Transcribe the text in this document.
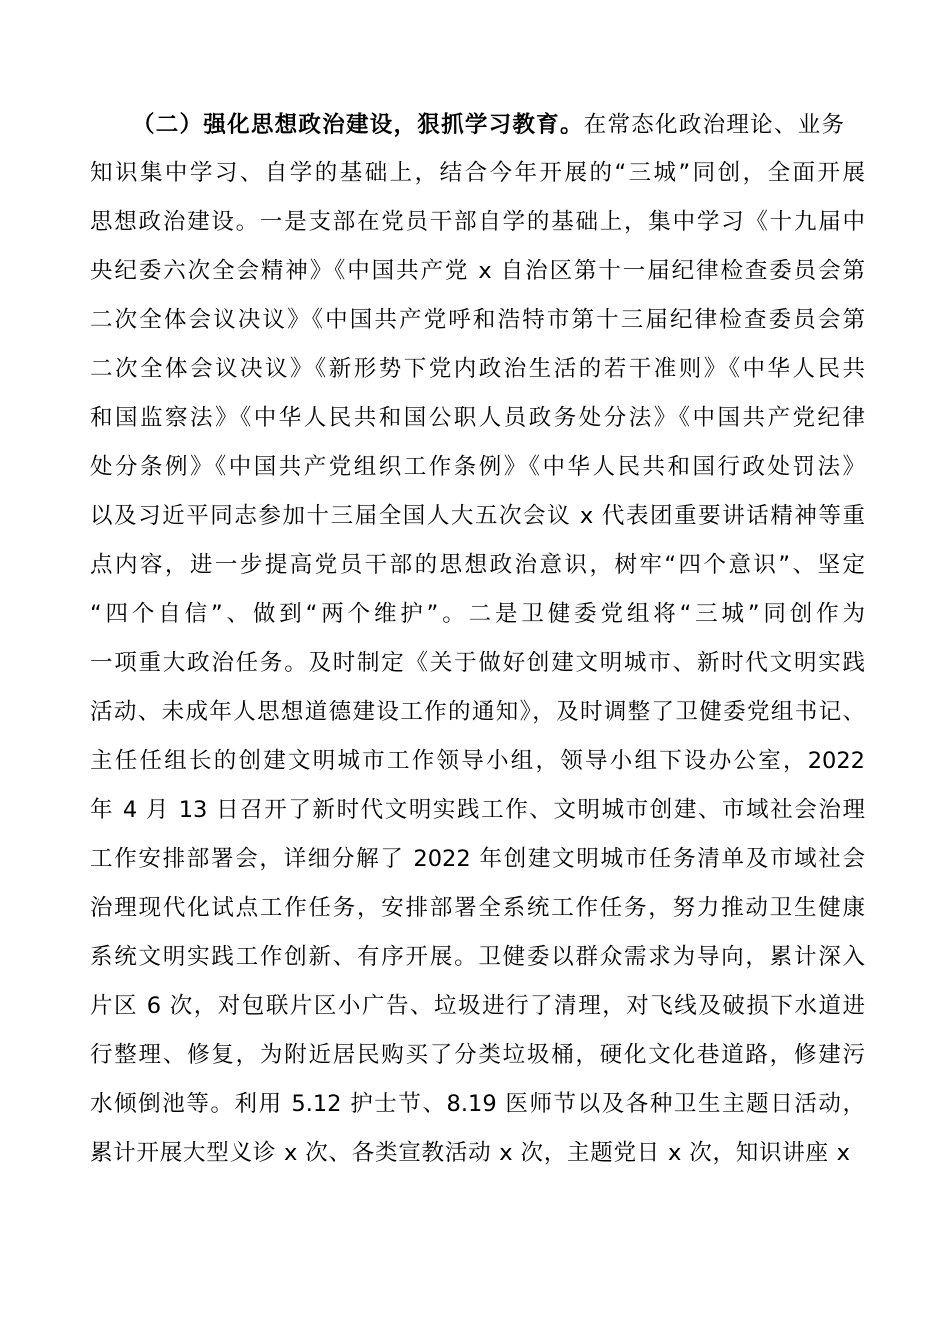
（二）强化思想政治建设，狠抓学习教育。在常态化政治理论、业务
知识集中学习、自学的基础上，结合今年开展的“三城”同创，全面开展
思想政治建设。一是支部在党员干部自学的基础上，集中学习《十九届中
央纪委六次全会精神》《中国共产党 x 自治区第十一届纪律检查委员会第
二次全体会议决议》《中国共产党呼和浩特市第十三届纪律检查委员会第
二次全体会议决议》《新形势下党内政治生活的若干准则》《中华人民共
和国监察法》《中华人民共和国公职人员政务处分法》《中国共产党纪律
处分条例》《中国共产党组织工作条例》《中华人民共和国行政处罚法》
以及习近平同志参加十三届全国人大五次会议 x 代表团重要讲话精神等重
点内容，进一步提高党员干部的思想政治意识，树牢“四个意识”、坚定
“四个自信”、做到“两个维护”。二是卫健委党组将“三城”同创作为
一项重大政治任务。及时制定《关于做好创建文明城市、新时代文明实践
活动、未成年人思想道德建设工作的通知》，及时调整了卫健委党组书记、
主任任组长的创建文明城市工作领导小组，领导小组下设办公室，2022
年 4 月 13 日召开了新时代文明实践工作、文明城市创建、市域社会治理
工作安排部署会，详细分解了 2022 年创建文明城市任务清单及市域社会
治理现代化试点工作任务，安排部署全系统工作任务，努力推动卫生健康
系统文明实践工作创新、有序开展。卫健委以群众需求为导向，累计深入
片区 6 次，对包联片区小广告、垃圾进行了清理，对飞线及破损下水道进
行整理、修复，为附近居民购买了分类垃圾桶，硬化文化巷道路，修建污
水倾倒池等。利用 5.12 护士节、8.19 医师节以及各种卫生主题日活动，
累计开展大型义诊 x 次、各类宣教活动 x 次，主题党日 x 次，知识讲座 x
